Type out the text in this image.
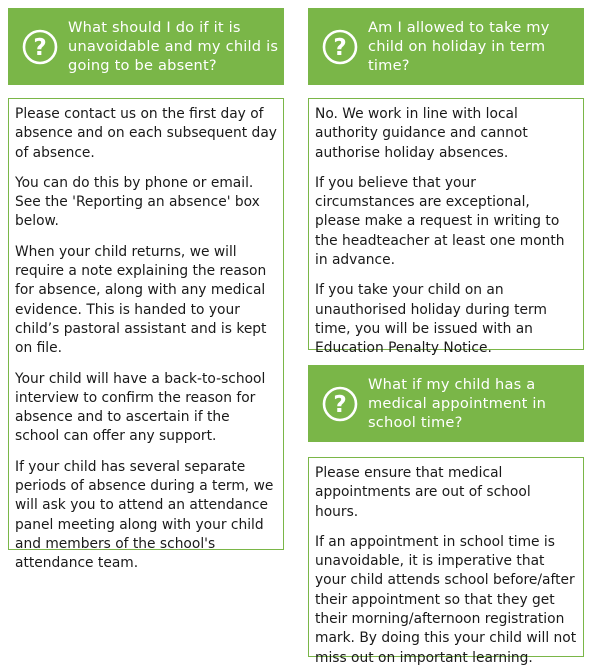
?
What should I do if it is unavoidable and my child is going to be absent?

Please contact us on the first day of absence and on each subsequent day of absence.

You can do this by phone or email. See the 'Reporting an absence' box below.

When your child returns, we will require a note explaining the reason for absence, along with any medical evidence. This is handed to your child’s pastoral assistant and is kept on file.

Your child will have a back-to-school interview to confirm the reason for absence and to ascertain if the school can offer any support.

If your child has several separate periods of absence during a term, we will ask you to attend an attendance panel meeting along with your child and members of the school's attendance team.

?
Am I allowed to take my child on holiday in term time?

No. We work in line with local authority guidance and cannot authorise holiday absences.

If you believe that your circumstances are exceptional, please make a request in writing to the headteacher at least one month in advance.

If you take your child on an unauthorised holiday during term time, you will be issued with an Education Penalty Notice.

?
What if my child has a medical appointment in school time?

Please ensure that medical appointments are out of school hours.

If an appointment in school time is unavoidable, it is imperative that your child attends school before/after their appointment so that they get their morning/afternoon registration mark. By doing this your child will not miss out on important learning.
